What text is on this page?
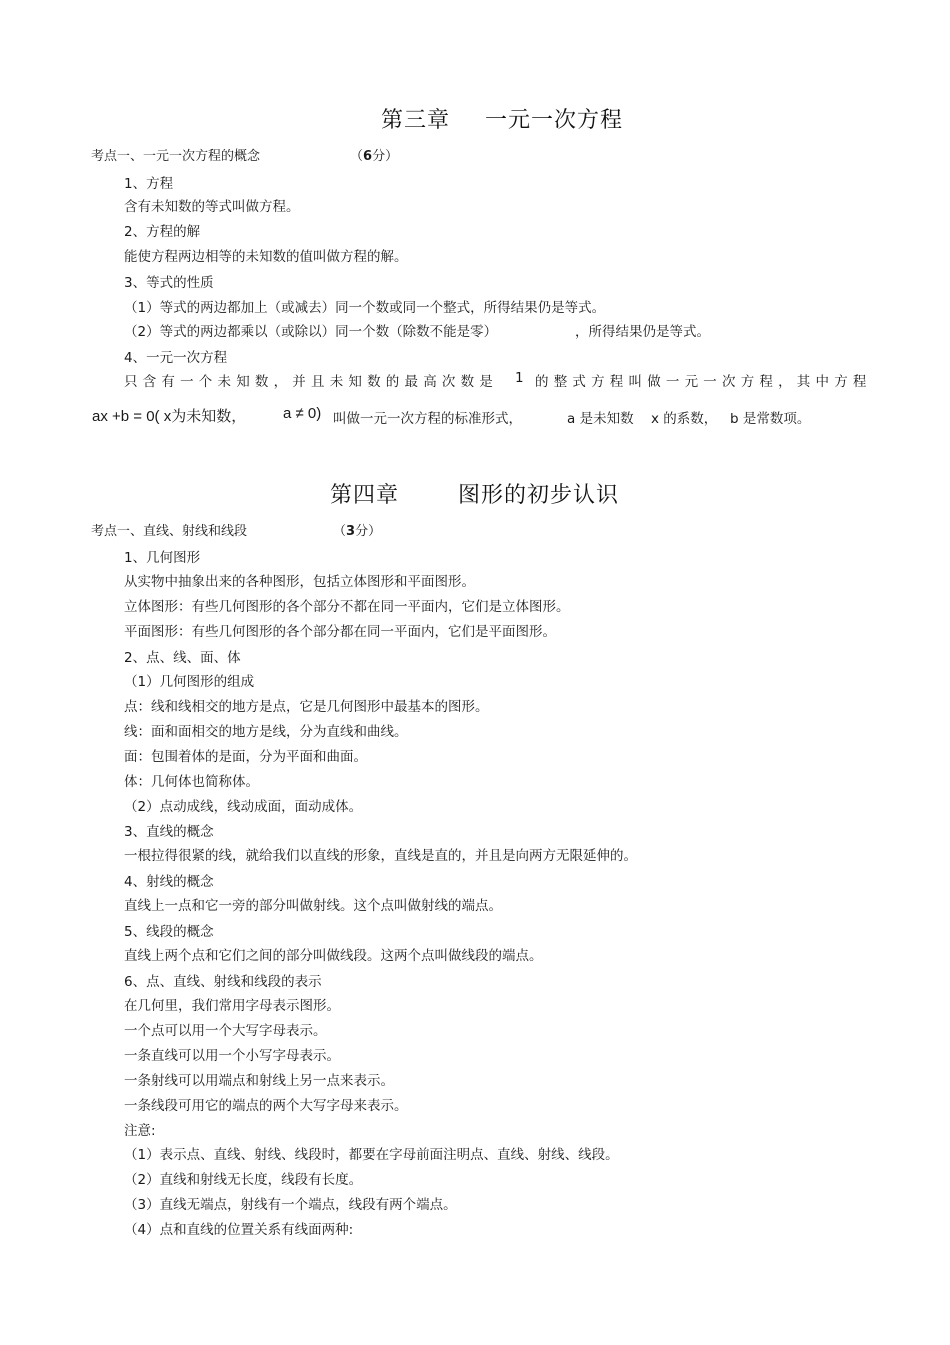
第三章 一元一次方程
考点一、一元一次方程的概念	（6分）
1、方程
含有未知数的等式叫做方程。
2、方程的解
能使方程两边相等的未知数的值叫做方程的解。
3、等式的性质
（1）等式的两边都加上（或减去）同一个数或同一个整式，所得结果仍是等式。
（2）等式的两边都乘以（或除以）同一个数（除数不能是零）	，所得结果仍是等式。
4、一元一次方程
只含有一个未知数，并且未知数的最高次数是 1 的整式方程叫做一元一次方程，其中方程
ax +b = 0( x为未知数， a ≠ 0) 叫做一元一次方程的标准形式，	a 是未知数 x 的系数， b 是常数项。
第四章	图形的初步认识
考点一、直线、射线和线段	（3分）
1、几何图形
从实物中抽象出来的各种图形，包括立体图形和平面图形。
立体图形：有些几何图形的各个部分不都在同一平面内，它们是立体图形。
平面图形：有些几何图形的各个部分都在同一平面内，它们是平面图形。
2、点、线、面、体
（1）几何图形的组成
点：线和线相交的地方是点，它是几何图形中最基本的图形。
线：面和面相交的地方是线，分为直线和曲线。
面：包围着体的是面，分为平面和曲面。
体：几何体也简称体。
（2）点动成线，线动成面，面动成体。
3、直线的概念
一根拉得很紧的线，就给我们以直线的形象，直线是直的，并且是向两方无限延伸的。
4、射线的概念
直线上一点和它一旁的部分叫做射线。这个点叫做射线的端点。
5、线段的概念
直线上两个点和它们之间的部分叫做线段。这两个点叫做线段的端点。
6、点、直线、射线和线段的表示
在几何里，我们常用字母表示图形。
一个点可以用一个大写字母表示。
一条直线可以用一个小写字母表示。
一条射线可以用端点和射线上另一点来表示。
一条线段可用它的端点的两个大写字母来表示。
注意:
（1）表示点、直线、射线、线段时，都要在字母前面注明点、直线、射线、线段。
（2）直线和射线无长度，线段有长度。
（3）直线无端点，射线有一个端点，线段有两个端点。
（4）点和直线的位置关系有线面两种:
